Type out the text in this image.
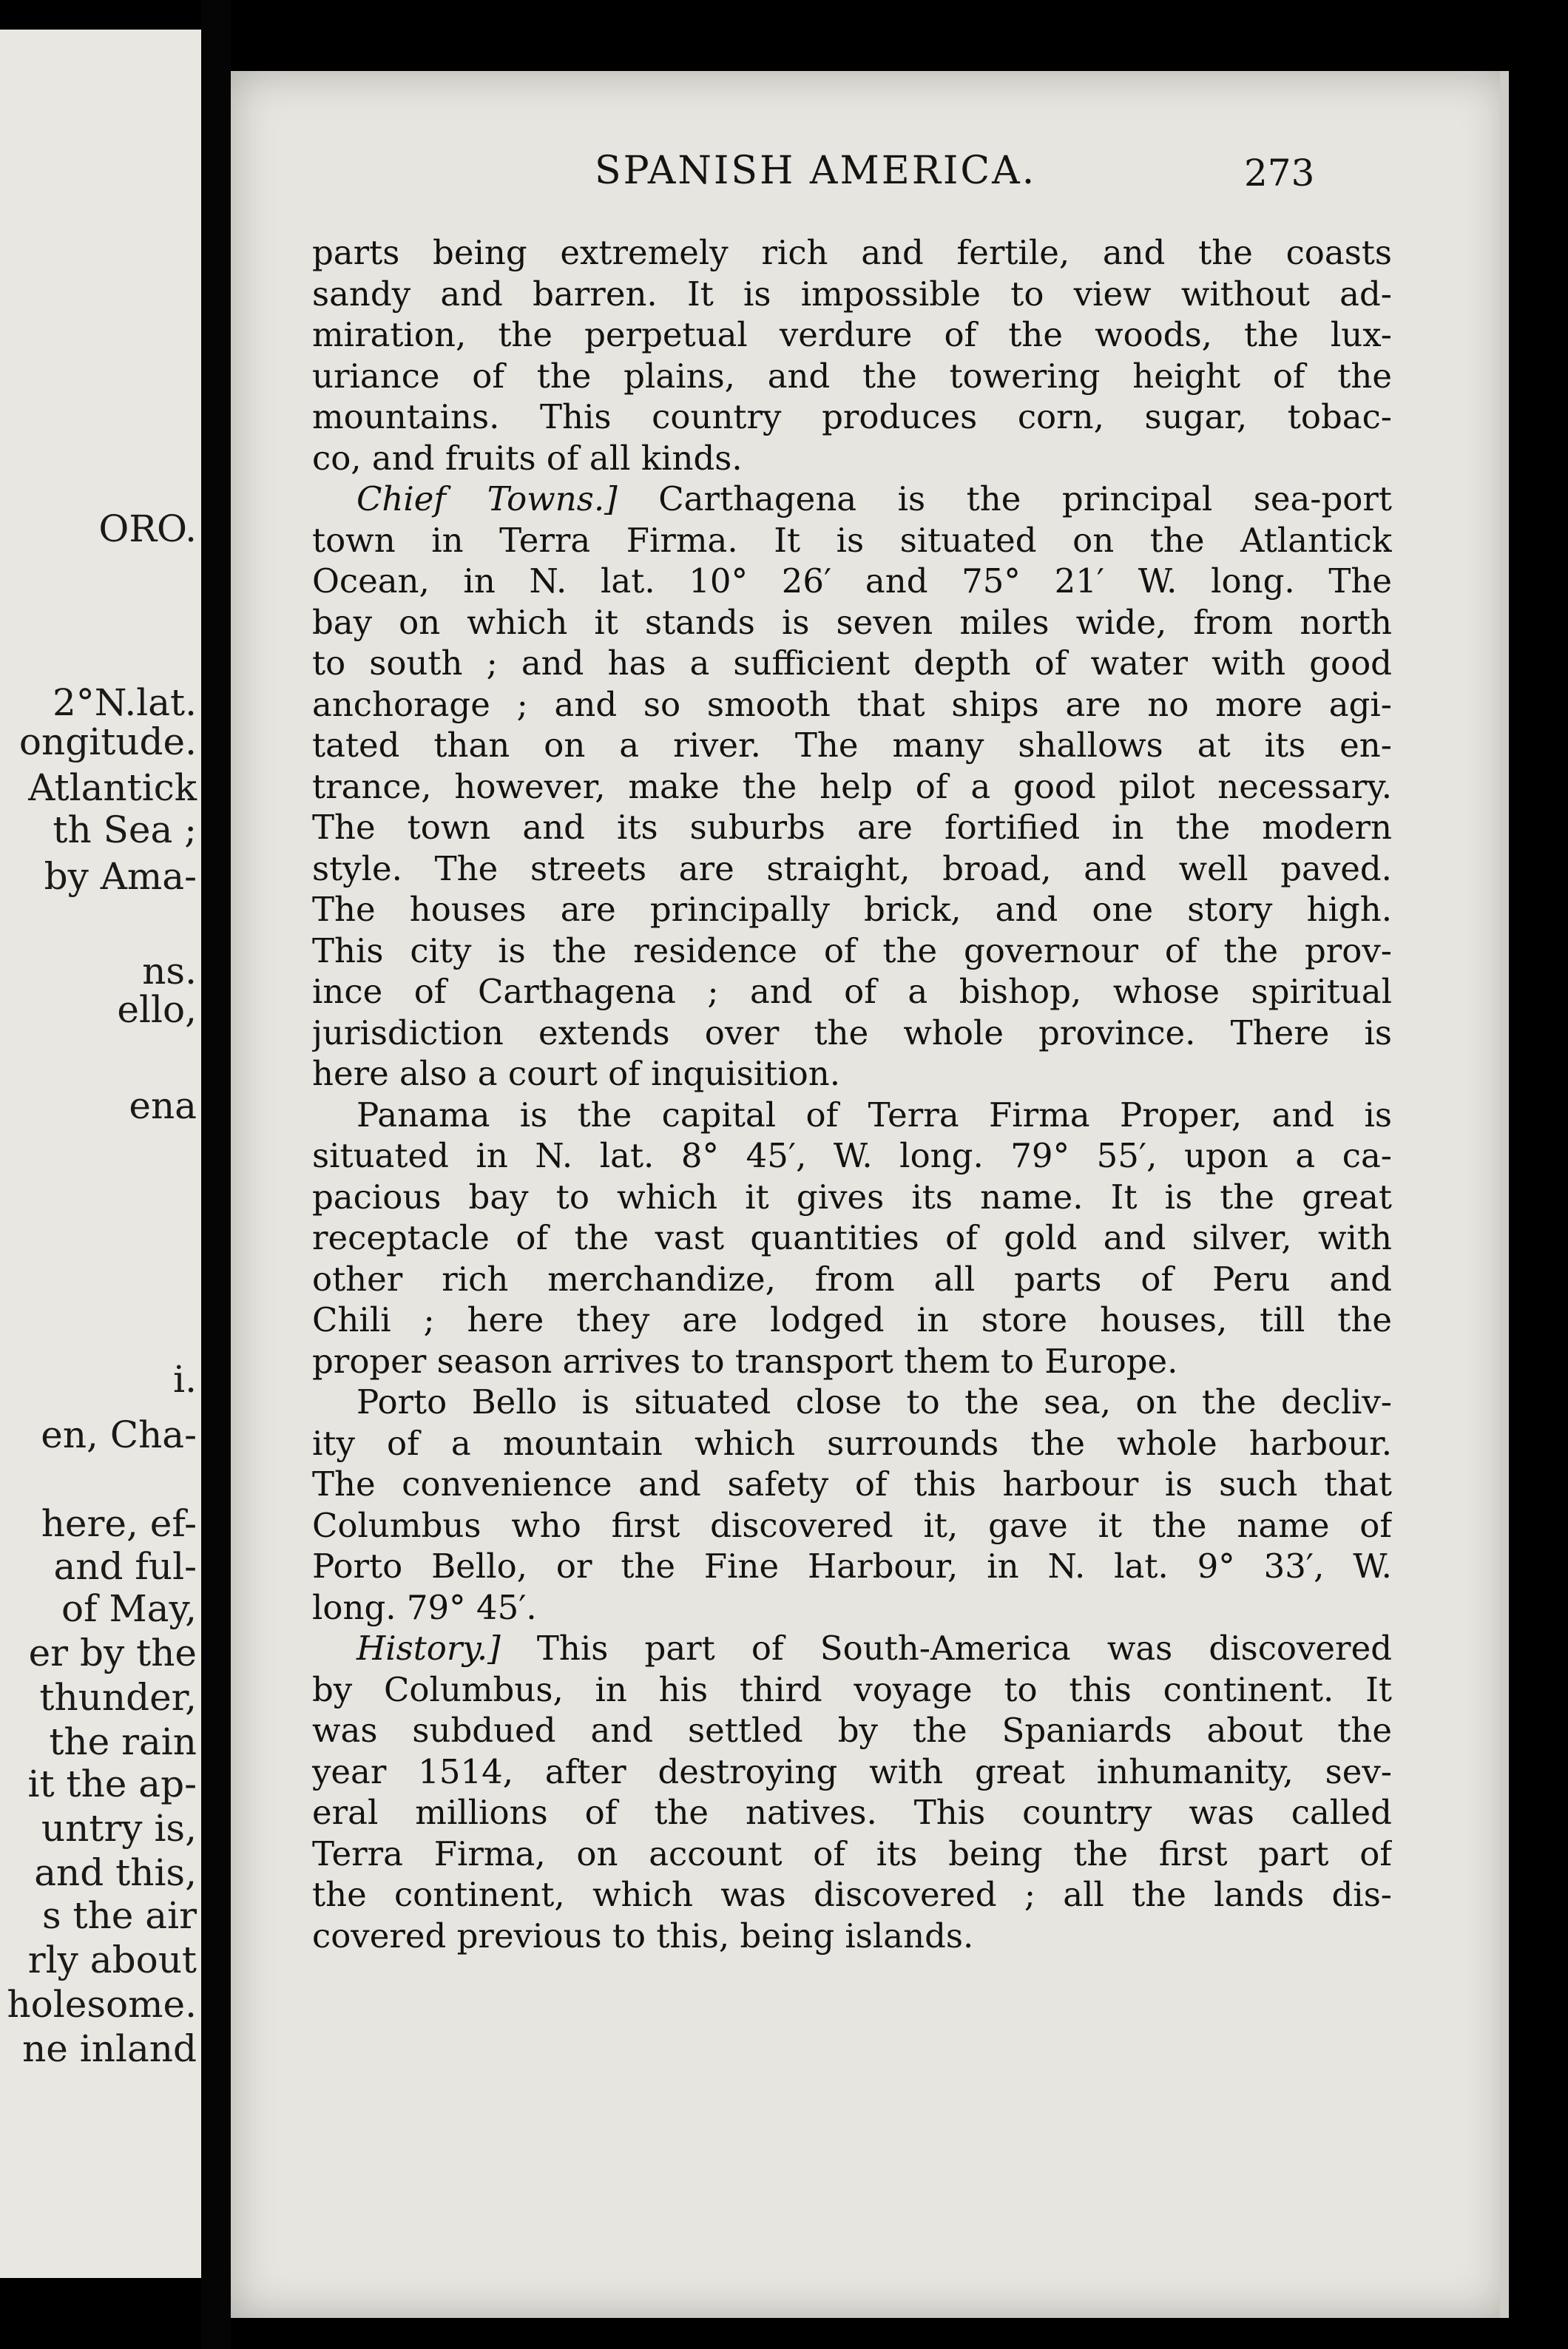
ORO.
2°N.lat.
ongitude.
Atlantick
th Sea ;
by Ama-
ns.
ello,
ena
i.
en, Cha-
here, ef-
and ful-
of May,
er by the
thunder,
the rain
it the ap-
untry is,
and this,
s the air
rly about
holesome.
ne inland
SPANISH AMERICA.	273
parts being extremely rich and fertile, and the coasts
sandy and barren. It is impossible to view without ad-
miration, the perpetual verdure of the woods, the lux-
uriance of the plains, and the towering height of the
mountains. This country produces corn, sugar, tobac-
co, and fruits of all kinds.
Chief Towns.] Carthagena is the principal sea-port
town in Terra Firma. It is situated on the Atlantick
Ocean, in N. lat. 10° 26′ and 75° 21′ W. long. The
bay on which it stands is seven miles wide, from north
to south ; and has a sufficient depth of water with good
anchorage ; and so smooth that ships are no more agi-
tated than on a river. The many shallows at its en-
trance, however, make the help of a good pilot necessary.
The town and its suburbs are fortified in the modern
style. The streets are straight, broad, and well paved.
The houses are principally brick, and one story high.
This city is the residence of the governour of the prov-
ince of Carthagena ; and of a bishop, whose spiritual
jurisdiction extends over the whole province. There is
here also a court of inquisition.
Panama is the capital of Terra Firma Proper, and is
situated in N. lat. 8° 45′, W. long. 79° 55′, upon a ca-
pacious bay to which it gives its name. It is the great
receptacle of the vast quantities of gold and silver, with
other rich merchandize, from all parts of Peru and
Chili ; here they are lodged in store houses, till the
proper season arrives to transport them to Europe.
Porto Bello is situated close to the sea, on the decliv-
ity of a mountain which surrounds the whole harbour.
The convenience and safety of this harbour is such that
Columbus who first discovered it, gave it the name of
Porto Bello, or the Fine Harbour, in N. lat. 9° 33′, W.
long. 79° 45′.
History.] This part of South-America was discovered
by Columbus, in his third voyage to this continent. It
was subdued and settled by the Spaniards about the
year 1514, after destroying with great inhumanity, sev-
eral millions of the natives. This country was called
Terra Firma, on account of its being the first part of
the continent, which was discovered ; all the lands dis-
covered previous to this, being islands.
